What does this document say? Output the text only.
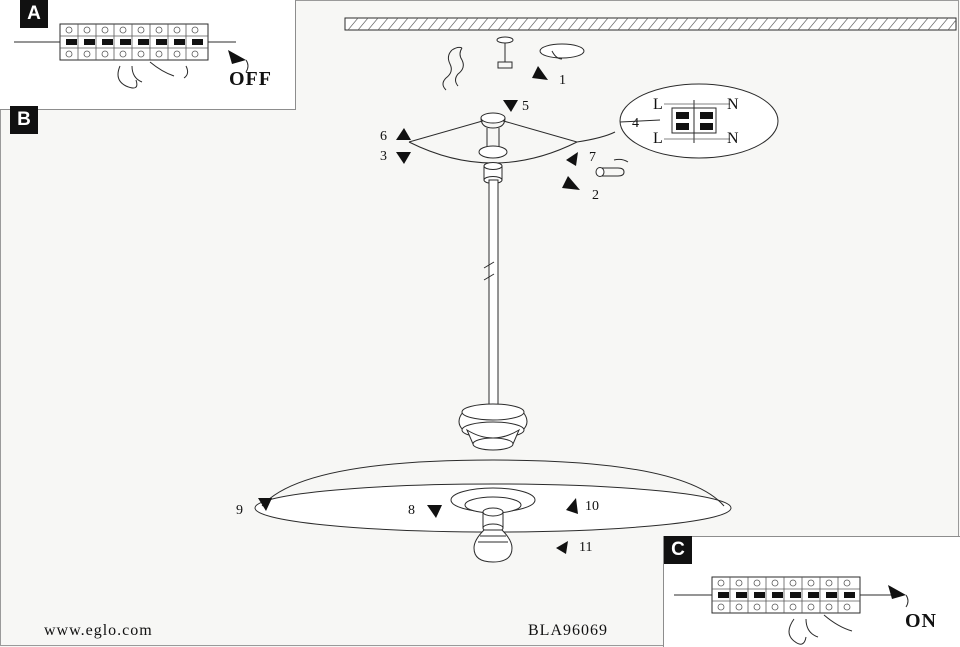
1
2
3
4
5
6
7
8
9	10
11
L	N
L	N
OFF
A
B
ON
C
www.eglo.com	BLA96069
